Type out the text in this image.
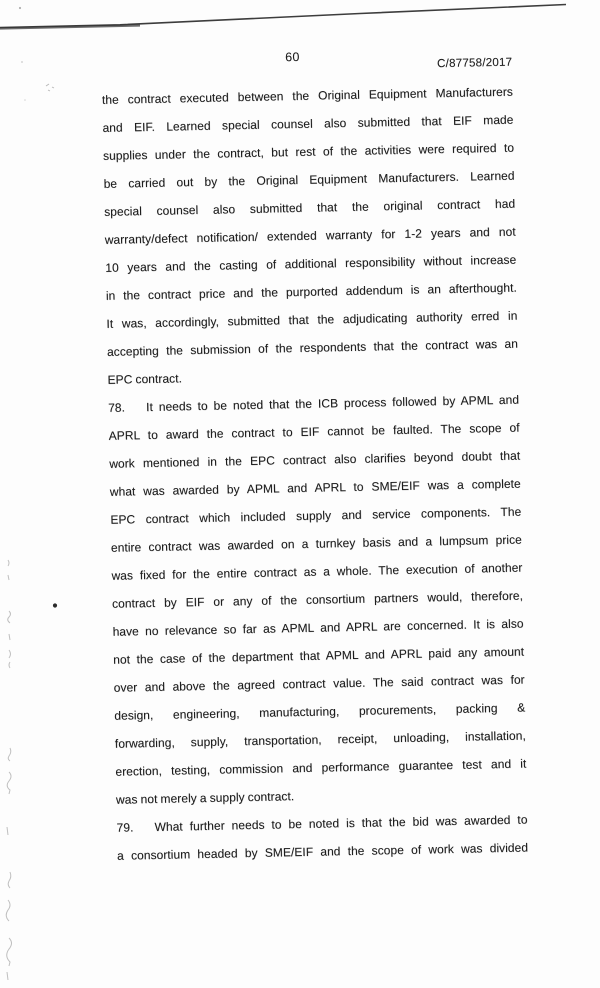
60	C/87758/2017
the contract executed between the Original Equipment Manufacturers
and EIF. Learned special counsel also submitted that EIF made
supplies under the contract, but rest of the activities were required to
be carried out by the Original Equipment Manufacturers. Learned
special counsel also submitted that the original contract had
warranty/defect notification/ extended warranty for 1-2 years and not
10 years and the casting of additional responsibility without increase
in the contract price and the purported addendum is an afterthought.
It was, accordingly, submitted that the adjudicating authority erred in
accepting the submission of the respondents that the contract was an
EPC contract.
78. It needs to be noted that the ICB process followed by APML and
APRL to award the contract to EIF cannot be faulted. The scope of
work mentioned in the EPC contract also clarifies beyond doubt that
what was awarded by APML and APRL to SME/EIF was a complete
EPC contract which included supply and service components. The
entire contract was awarded on a turnkey basis and a lumpsum price
was fixed for the entire contract as a whole. The execution of another
contract by EIF or any of the consortium partners would, therefore,
have no relevance so far as APML and APRL are concerned. It is also
not the case of the department that APML and APRL paid any amount
over and above the agreed contract value. The said contract was for
design, engineering, manufacturing, procurements, packing &
forwarding, supply, transportation, receipt, unloading, installation,
erection, testing, commission and performance guarantee test and it
was not merely a supply contract.
79. What further needs to be noted is that the bid was awarded to
a consortium headed by SME/EIF and the scope of work was divided
